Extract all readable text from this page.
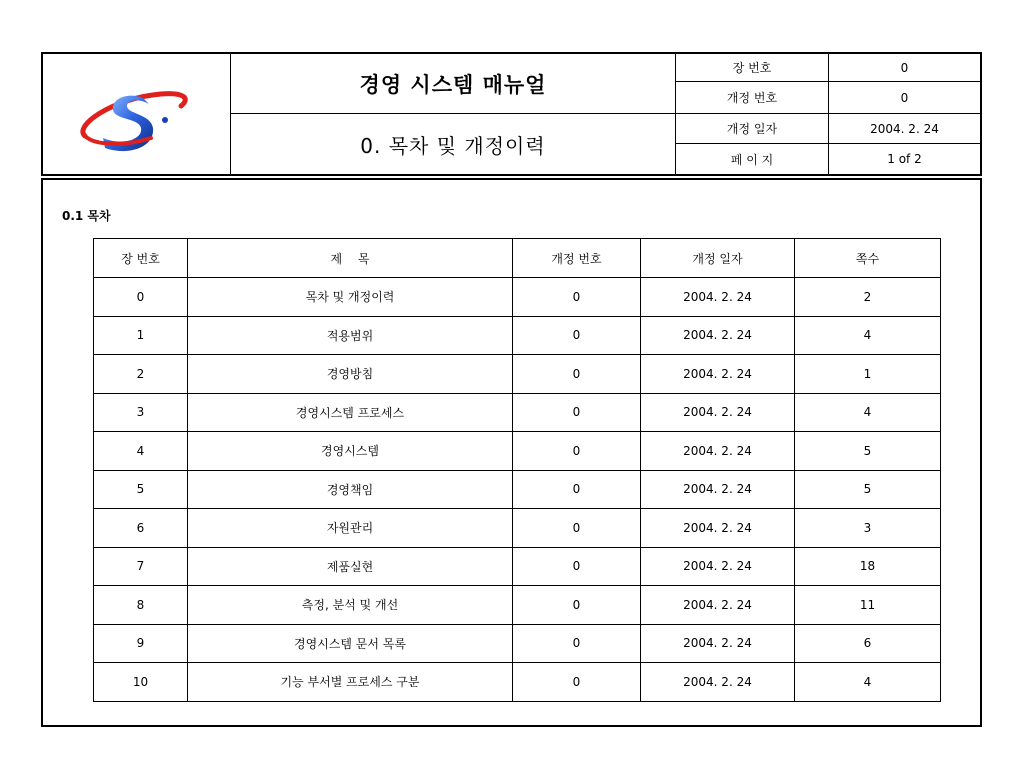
경영 시스템 매뉴얼
0. 목차 및 개정이력
장 번호	0
개정 번호	0
개정 일자	2004. 2. 24
페 이 지	1 of 2
0.1 목차
장 번호	제　 목	개정 번호	개정 일자	쪽수
0	목차 및 개정이력	0	2004. 2. 24	2
1	적용범위	0	2004. 2. 24	4
2	경영방침	0	2004. 2. 24	1
3	경영시스템 프로세스	0	2004. 2. 24	4
4	경영시스템	0	2004. 2. 24	5
5	경영책임	0	2004. 2. 24	5
6	자원관리	0	2004. 2. 24	3
7	제품실현	0	2004. 2. 24	18
8	측정, 분석 및 개선	0	2004. 2. 24	11
9	경영시스템 문서 목록	0	2004. 2. 24	6
10	기능 부서별 프로세스 구분	0	2004. 2. 24	4
